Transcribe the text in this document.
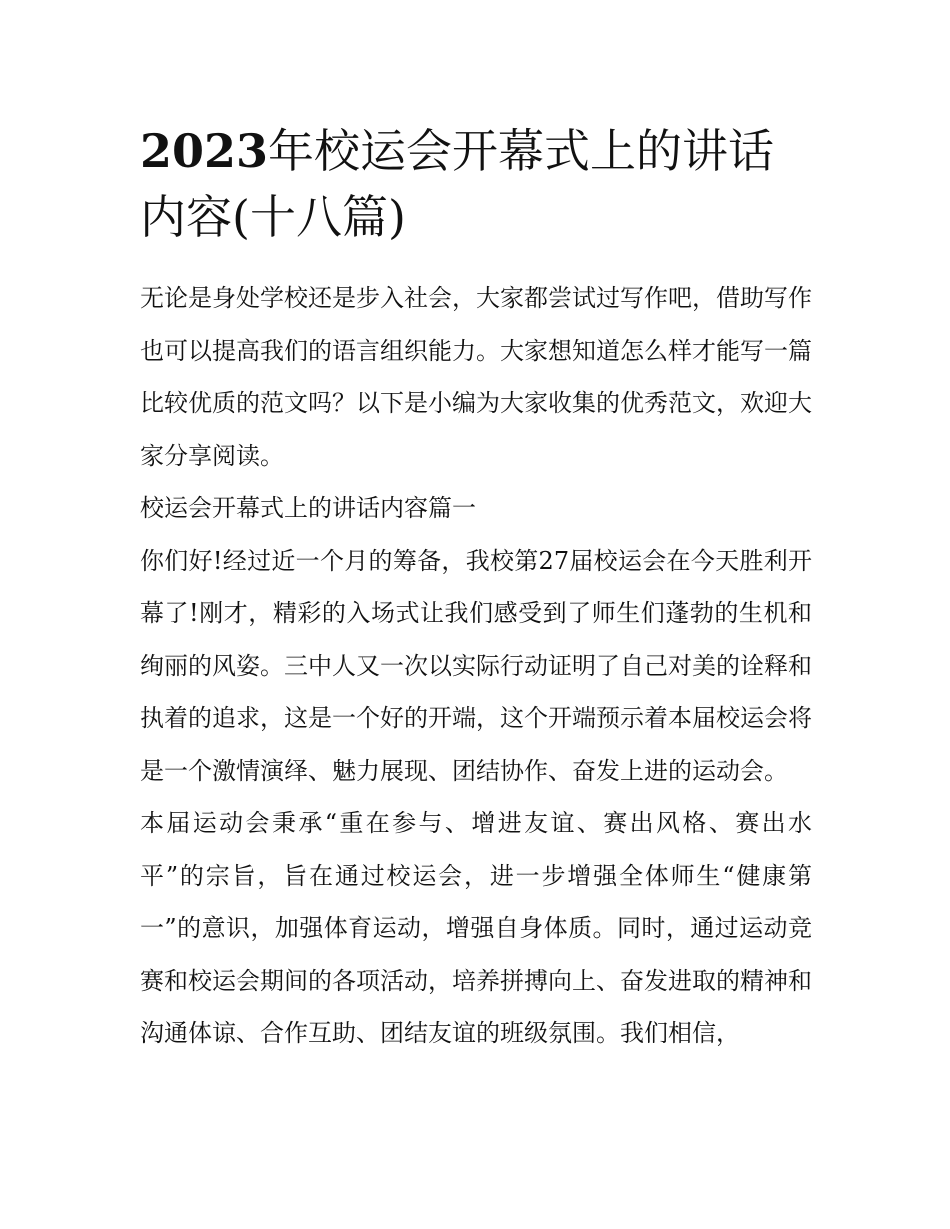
2023年校运会开幕式上的讲话内容(十八篇)

无论是身处学校还是步入社会，大家都尝试过写作吧，借助写作也可以提高我们的语言组织能力。大家想知道怎么样才能写一篇比较优质的范文吗？以下是小编为大家收集的优秀范文，欢迎大家分享阅读。

校运会开幕式上的讲话内容篇一

你们好!经过近一个月的筹备，我校第27届校运会在今天胜利开幕了!刚才，精彩的入场式让我们感受到了师生们蓬勃的生机和绚丽的风姿。三中人又一次以实际行动证明了自己对美的诠释和执着的追求，这是一个好的开端，这个开端预示着本届校运会将是一个激情演绎、魅力展现、团结协作、奋发上进的运动会。

本届运动会秉承“重在参与、增进友谊、赛出风格、赛出水平”的宗旨，旨在通过校运会，进一步增强全体师生“健康第一”的意识，加强体育运动，增强自身体质。同时，通过运动竞赛和校运会期间的各项活动，培养拼搏向上、奋发进取的精神和沟通体谅、合作互助、团结友谊的班级氛围。我们相信，
